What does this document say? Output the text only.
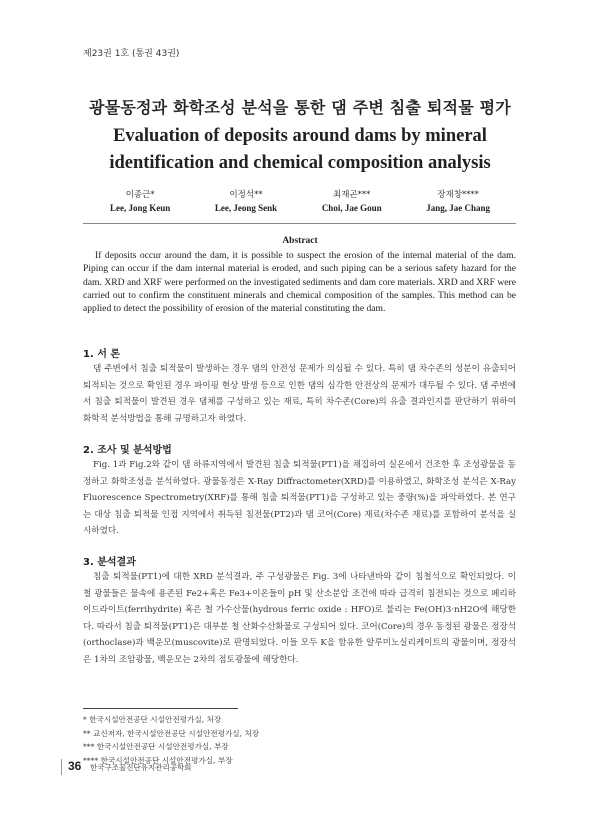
제23권 1호 (통권 43권)
광물동정과 화학조성 분석을 통한 댐 주변 침출 퇴적물 평가
Evaluation of deposits around dams by mineral identification and chemical composition analysis
이종근*
Lee, Jong Keun
이정석**
Lee, Jeong Senk
최재곤***
Choi, Jae Goun
장재창****
Jang, Jae Chang
Abstract
If deposits occur around the dam, it is possible to suspect the erosion of the internal material of the dam. Piping can occur if the dam internal material is eroded, and such piping can be a serious safety hazard for the dam. XRD and XRF were performed on the investigated sediments and dam core materials. XRD and XRF were carried out to confirm the constituent minerals and chemical composition of the samples. This method can be applied to detect the possibility of erosion of the material constituting the dam.
1. 서 론
댐 주변에서 침출 퇴적물이 발생하는 경우 댐의 안전성 문제가 의심될 수 있다. 특히 댐 차수존의 성분이 유출되어 퇴적되는 것으로 확인된 경우 파이핑 현상 발생 등으로 인한 댐의 심각한 안전상의 문제가 대두될 수 있다. 댐 주변에서 침출 퇴적물이 발견된 경우 댐체를 구성하고 있는 재료, 특히 차수존(Core)의 유출 결과인지를 판단하기 위하여 화학적 분석방법을 통해 규명하고자 하였다.
2. 조사 및 분석방법
Fig. 1과 Fig.2와 같이 댐 하류지역에서 발견된 침출 퇴적물(PT1)을 채집하여 실온에서 건조한 후 조성광물을 동정하고 화학조성을 분석하였다. 광물동정은 X-Ray Diffractometer(XRD)를 이용하였고, 화학조성 분석은 X-Ray Fluorescence Spectrometry(XRF)를 통해 침출 퇴적물(PT1)을 구성하고 있는 중량(%)을 파악하였다. 본 연구는 대상 침출 퇴적물 인접 지역에서 취득된 침전물(PT2)과 댐 코어(Core) 재료(차수존 재료)를 포함하여 분석을 실시하였다.
3. 분석결과
침출 퇴적물(PT1)에 대한 XRD 분석결과, 주 구성광물은 Fig. 3에 나타낸바와 같이 침철석으로 확인되었다. 이 철 광물들은 물속에 용존된 Fe2+혹은 Fe3+이온들이 pH 및 산소분압 조건에 따라 급격히 침전되는 것으로 페리하이드라이트(ferrihydrite) 혹은 철 가수산물(hydrous ferric oxide : HFO)로 불리는 Fe(OH)3·nH2O에 해당한다. 따라서 침출 퇴적물(PT1)은 대부분 철 산화수산화물로 구성되어 있다. 코어(Core)의 경우 동정된 광물은 정장석(orthoclase)과 백운모(muscovite)로 판명되었다. 이들 모두 K을 함유한 알루미노실리케이트의 광물이며, 정장석은 1차의 조암광물, 백운모는 2차의 점토광물에 해당한다.
* 한국시설안전공단 시설안전평가실, 처장
** 교신저자, 한국시설안전공단 시설안전평가실, 처장
*** 한국시설안전공단 시설안전평가실, 부장
**** 한국시설안전공단 시설안전평가실, 부장
36 한국구조물진단유지관리공학회
